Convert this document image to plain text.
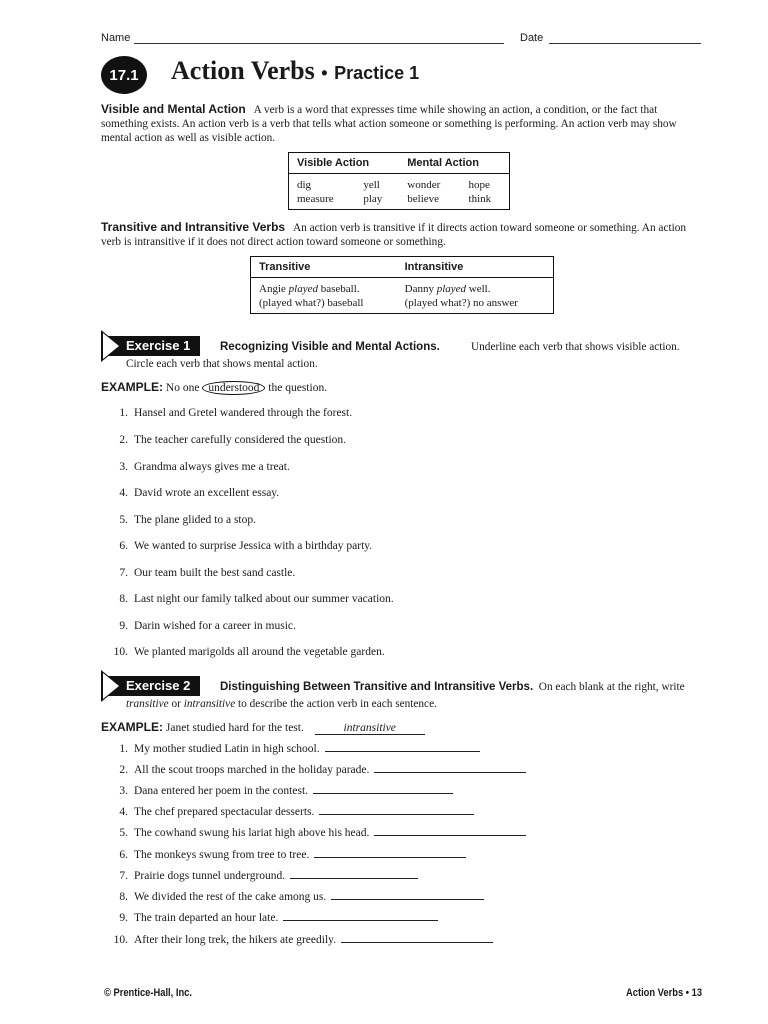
Name	Date
17.1	Action Verbs • Practice 1
Visible and Mental Action A verb is a word that expresses time while showing an action, a condition, or the fact that something exists. An action verb is a verb that tells what action someone or something is performing. An action verb may show mental action as well as visible action.
Visible Action		Mental Action	
dig	yell	wonder	hope
measure	play	believe	think
Transitive and Intransitive Verbs An action verb is transitive if it directs action toward someone or something. An action verb is intransitive if it does not direct action toward someone or something.
Transitive	Intransitive
Angie played baseball.	Danny played well.
(played what?) baseball	(played what?) no answer
Exercise 1	Recognizing Visible and Mental Actions.	Underline each verb that shows visible action. Circle each verb that shows mental action.
EXAMPLE: No one understood the question.
1. Hansel and Gretel wandered through the forest.
2. The teacher carefully considered the question.
3. Grandma always gives me a treat.
4. David wrote an excellent essay.
5. The plane glided to a stop.
6. We wanted to surprise Jessica with a birthday party.
7. Our team built the best sand castle.
8. Last night our family talked about our summer vacation.
9. Darin wished for a career in music.
10. We planted marigolds all around the vegetable garden.
Exercise 2	Distinguishing Between Transitive and Intransitive Verbs. On each blank at the right, write transitive or intransitive to describe the action verb in each sentence.
EXAMPLE: Janet studied hard for the test.	intransitive
1. My mother studied Latin in high school.
2. All the scout troops marched in the holiday parade.
3. Dana entered her poem in the contest.
4. The chef prepared spectacular desserts.
5. The cowhand swung his lariat high above his head.
6. The monkeys swung from tree to tree.
7. Prairie dogs tunnel underground.
8. We divided the rest of the cake among us.
9. The train departed an hour late.
10. After their long trek, the hikers ate greedily.
© Prentice-Hall, Inc.	Action Verbs • 13
